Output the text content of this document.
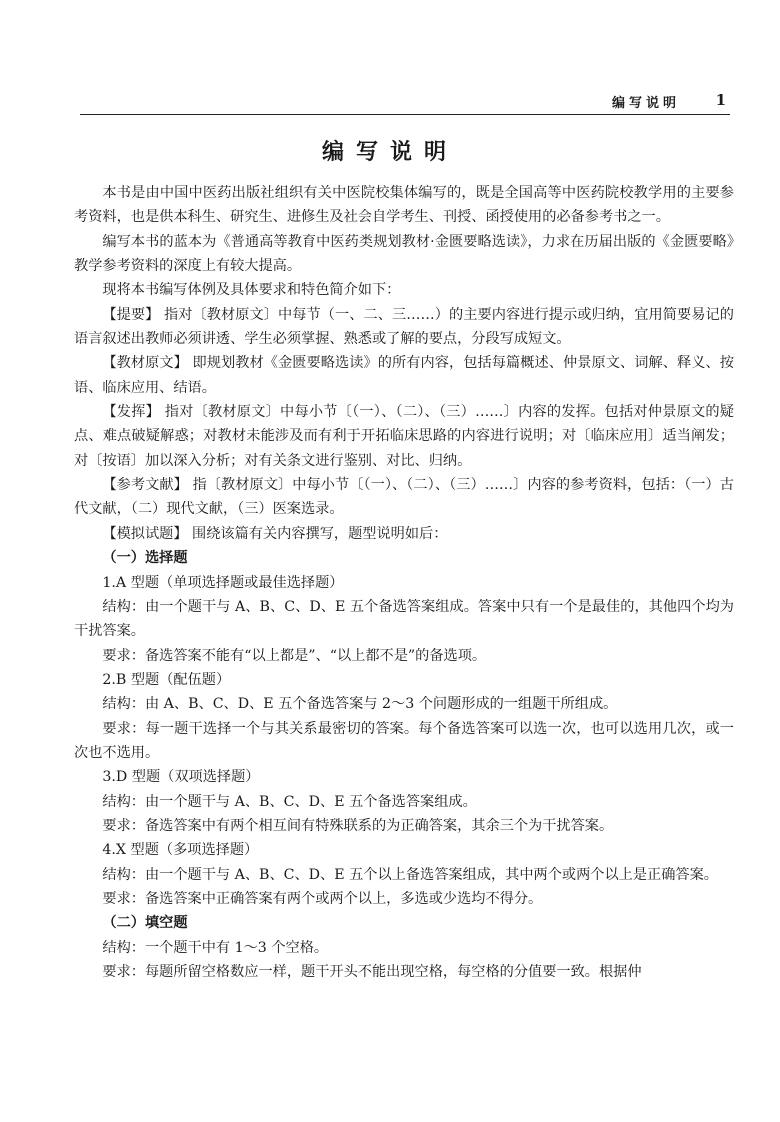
编写说明 1
编写说明

本书是由中国中医药出版社组织有关中医院校集体编写的，既是全国高等中医药院校教学用的主要参考资料，也是供本科生、研究生、进修生及社会自学考生、刊授、函授使用的必备参考书之一。

编写本书的蓝本为《普通高等教育中医药类规划教材·金匮要略选读》，力求在历届出版的《金匮要略》教学参考资料的深度上有较大提高。

现将本书编写体例及具体要求和特色简介如下：

【提要】 指对〔教材原文〕中每节（一、二、三……）的主要内容进行提示或归纳，宜用简要易记的语言叙述出教师必须讲透、学生必须掌握、熟悉或了解的要点，分段写成短文。

【教材原文】 即规划教材《金匮要略选读》的所有内容，包括每篇概述、仲景原文、词解、释义、按语、临床应用、结语。

【发挥】 指对〔教材原文〕中每小节〔（一）、（二）、（三）……〕内容的发挥。包括对仲景原文的疑点、难点破疑解惑；对教材未能涉及而有利于开拓临床思路的内容进行说明；对〔临床应用〕适当阐发；对〔按语〕加以深入分析；对有关条文进行鉴别、对比、归纳。

【参考文献】 指〔教材原文〕中每小节〔（一）、（二）、（三）……〕内容的参考资料，包括：（一）古代文献，（二）现代文献，（三）医案选录。

【模拟试题】 围绕该篇有关内容撰写，题型说明如后：

（一）选择题

1.A 型题（单项选择题或最佳选择题）

结构：由一个题干与 A、B、C、D、E 五个备选答案组成。答案中只有一个是最佳的，其他四个均为干扰答案。

要求：备选答案不能有“以上都是”、“以上都不是”的备选项。

2.B 型题（配伍题）

结构：由 A、B、C、D、E 五个备选答案与 2～3 个问题形成的一组题干所组成。

要求：每一题干选择一个与其关系最密切的答案。每个备选答案可以选一次，也可以选用几次，或一次也不选用。

3.D 型题（双项选择题）

结构：由一个题干与 A、B、C、D、E 五个备选答案组成。

要求：备选答案中有两个相互间有特殊联系的为正确答案，其余三个为干扰答案。

4.X 型题（多项选择题）

结构：由一个题干与 A、B、C、D、E 五个以上备选答案组成，其中两个或两个以上是正确答案。

要求：备选答案中正确答案有两个或两个以上，多选或少选均不得分。

（二）填空题

结构：一个题干中有 1～3 个空格。

要求：每题所留空格数应一样，题干开头不能出现空格，每空格的分值要一致。根据仲
